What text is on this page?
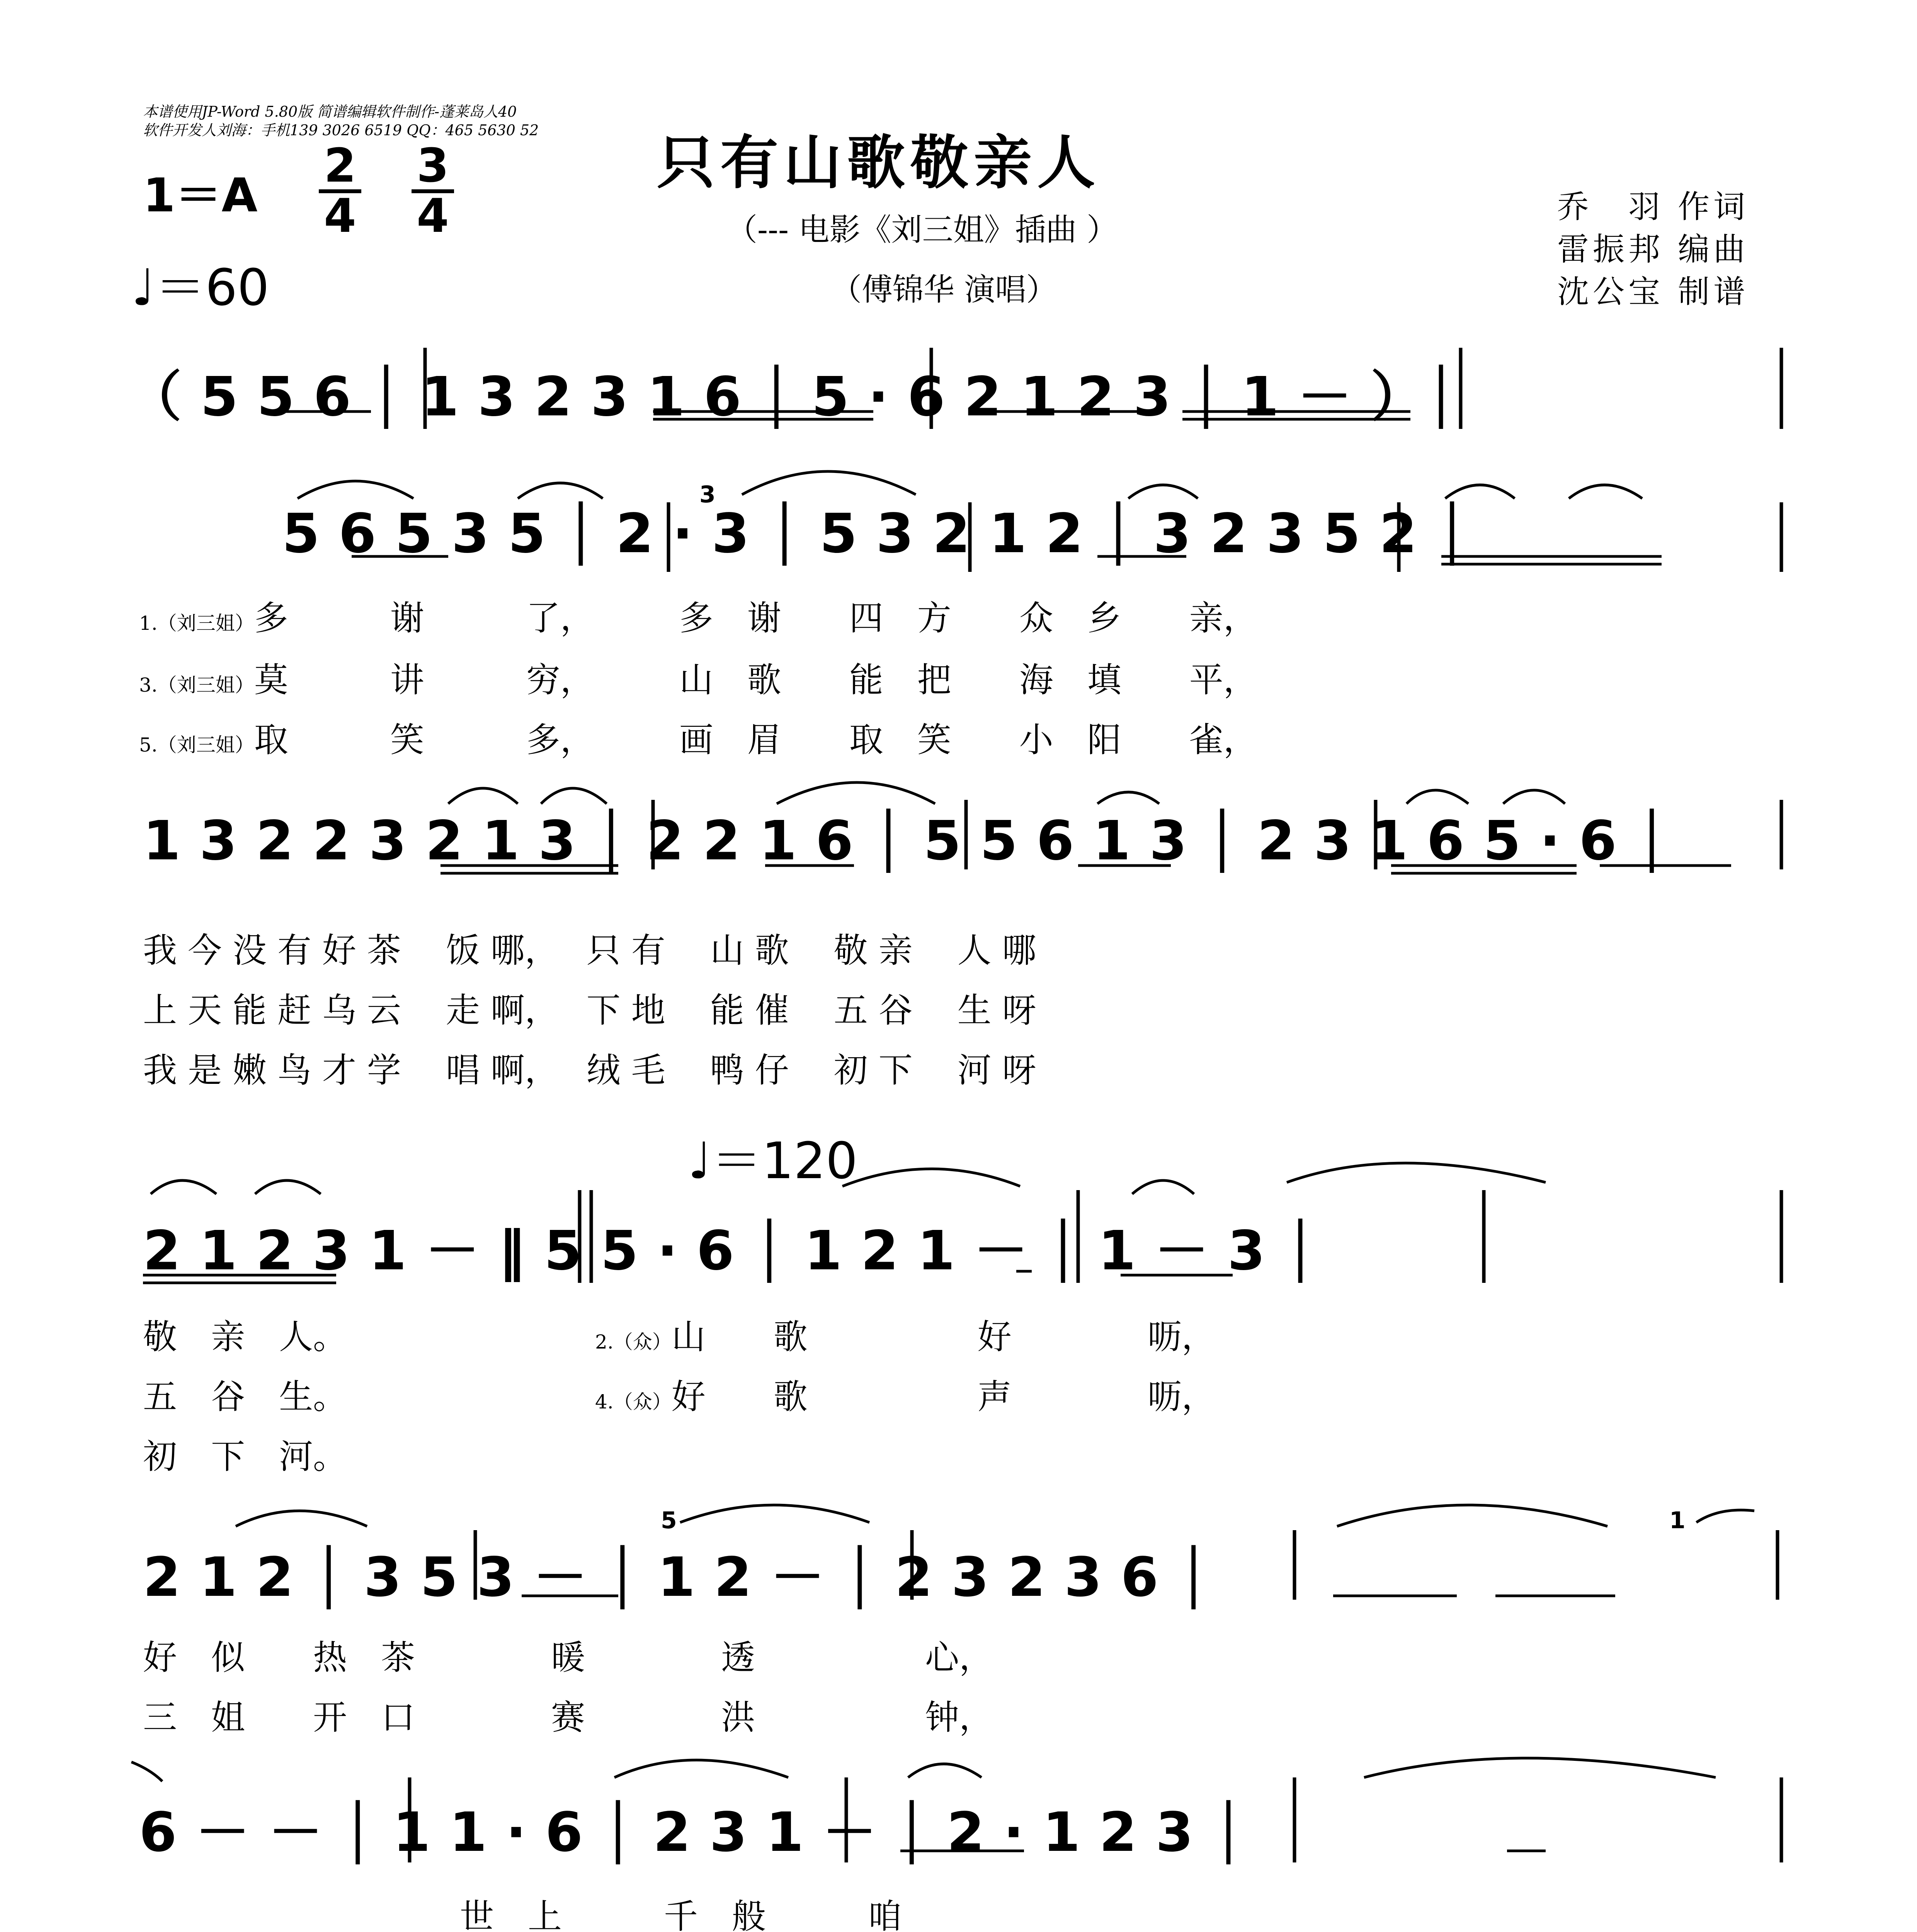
本谱使用JP-Word 5.80版 简谱编辑软件制作-蓬莱岛人40
软件开发人刘海：手机139 3026 6519 QQ：465 5630 52 只有山歌敬亲人
（--- 电影《刘三姐》插曲 ）
（傅锦华 演唱）
乔　羽 作词
雷振邦 编曲
沈公宝 制谱
1＝A
2
4
3
4
♩＝60
♩＝120
（ 5 5 6 │ 1 3 2 3 1 6 │ 5 · 6 2 1 2 3 │ 1 － ）│
5 6 5 3 5 │ 2 · 3 │ 5 3 2 1 2 │ 3 2 3 5 2 │
3
1 3 2 2 3 2 1 3 │ 2 2 1 6 │ 5 5 6 1 3 │ 2 3 1 6 5 · 6 │
2 1 2 3 1 － ‖ 5 5 · 6 │ 1 2 1 － │ 1 － 3 │
2 1 2 │ 3 5 3 － │ 1 2 － │ 2 3 2 3 6 │
5	1
6 － － │ 1 1 · 6 │ 2 3 1 － │ 2 · 1 2 3 │
1.（刘三姐）多　　　谢　　　了，　　　多　谢　　四　方　　众　乡　　亲，
3.（刘三姐）莫　　　讲　　　穷，　　　山　歌　　能　把　　海　填　　平，
5.（刘三姐）取　　　笑　　　多，　　　画　眉　　取　笑　　小　阳　　雀，
我 今 没 有 好 茶　 饭 哪，　 只 有　 山 歌　 敬 亲　 人 哪
上 天 能 赶 乌 云　 走 啊，　 下 地　 能 催　 五 谷　 生 呀
我 是 嫩 鸟 才 学　 唱 啊，　 绒 毛　 鸭 仔　 初 下　 河 呀
敬　亲　人。
五　谷　生。
初　下　河。
2.（众）山　　歌　　　　　好　　　　呖，
4.（众）好　　歌　　　　　声　　　　呖，
好　似　　热　茶　　　　暖　　　　透　　　　　心，
三　姐　　开　口　　　　赛　　　　洪　　　　　钟，
世　上　　　千　般　　　咱
